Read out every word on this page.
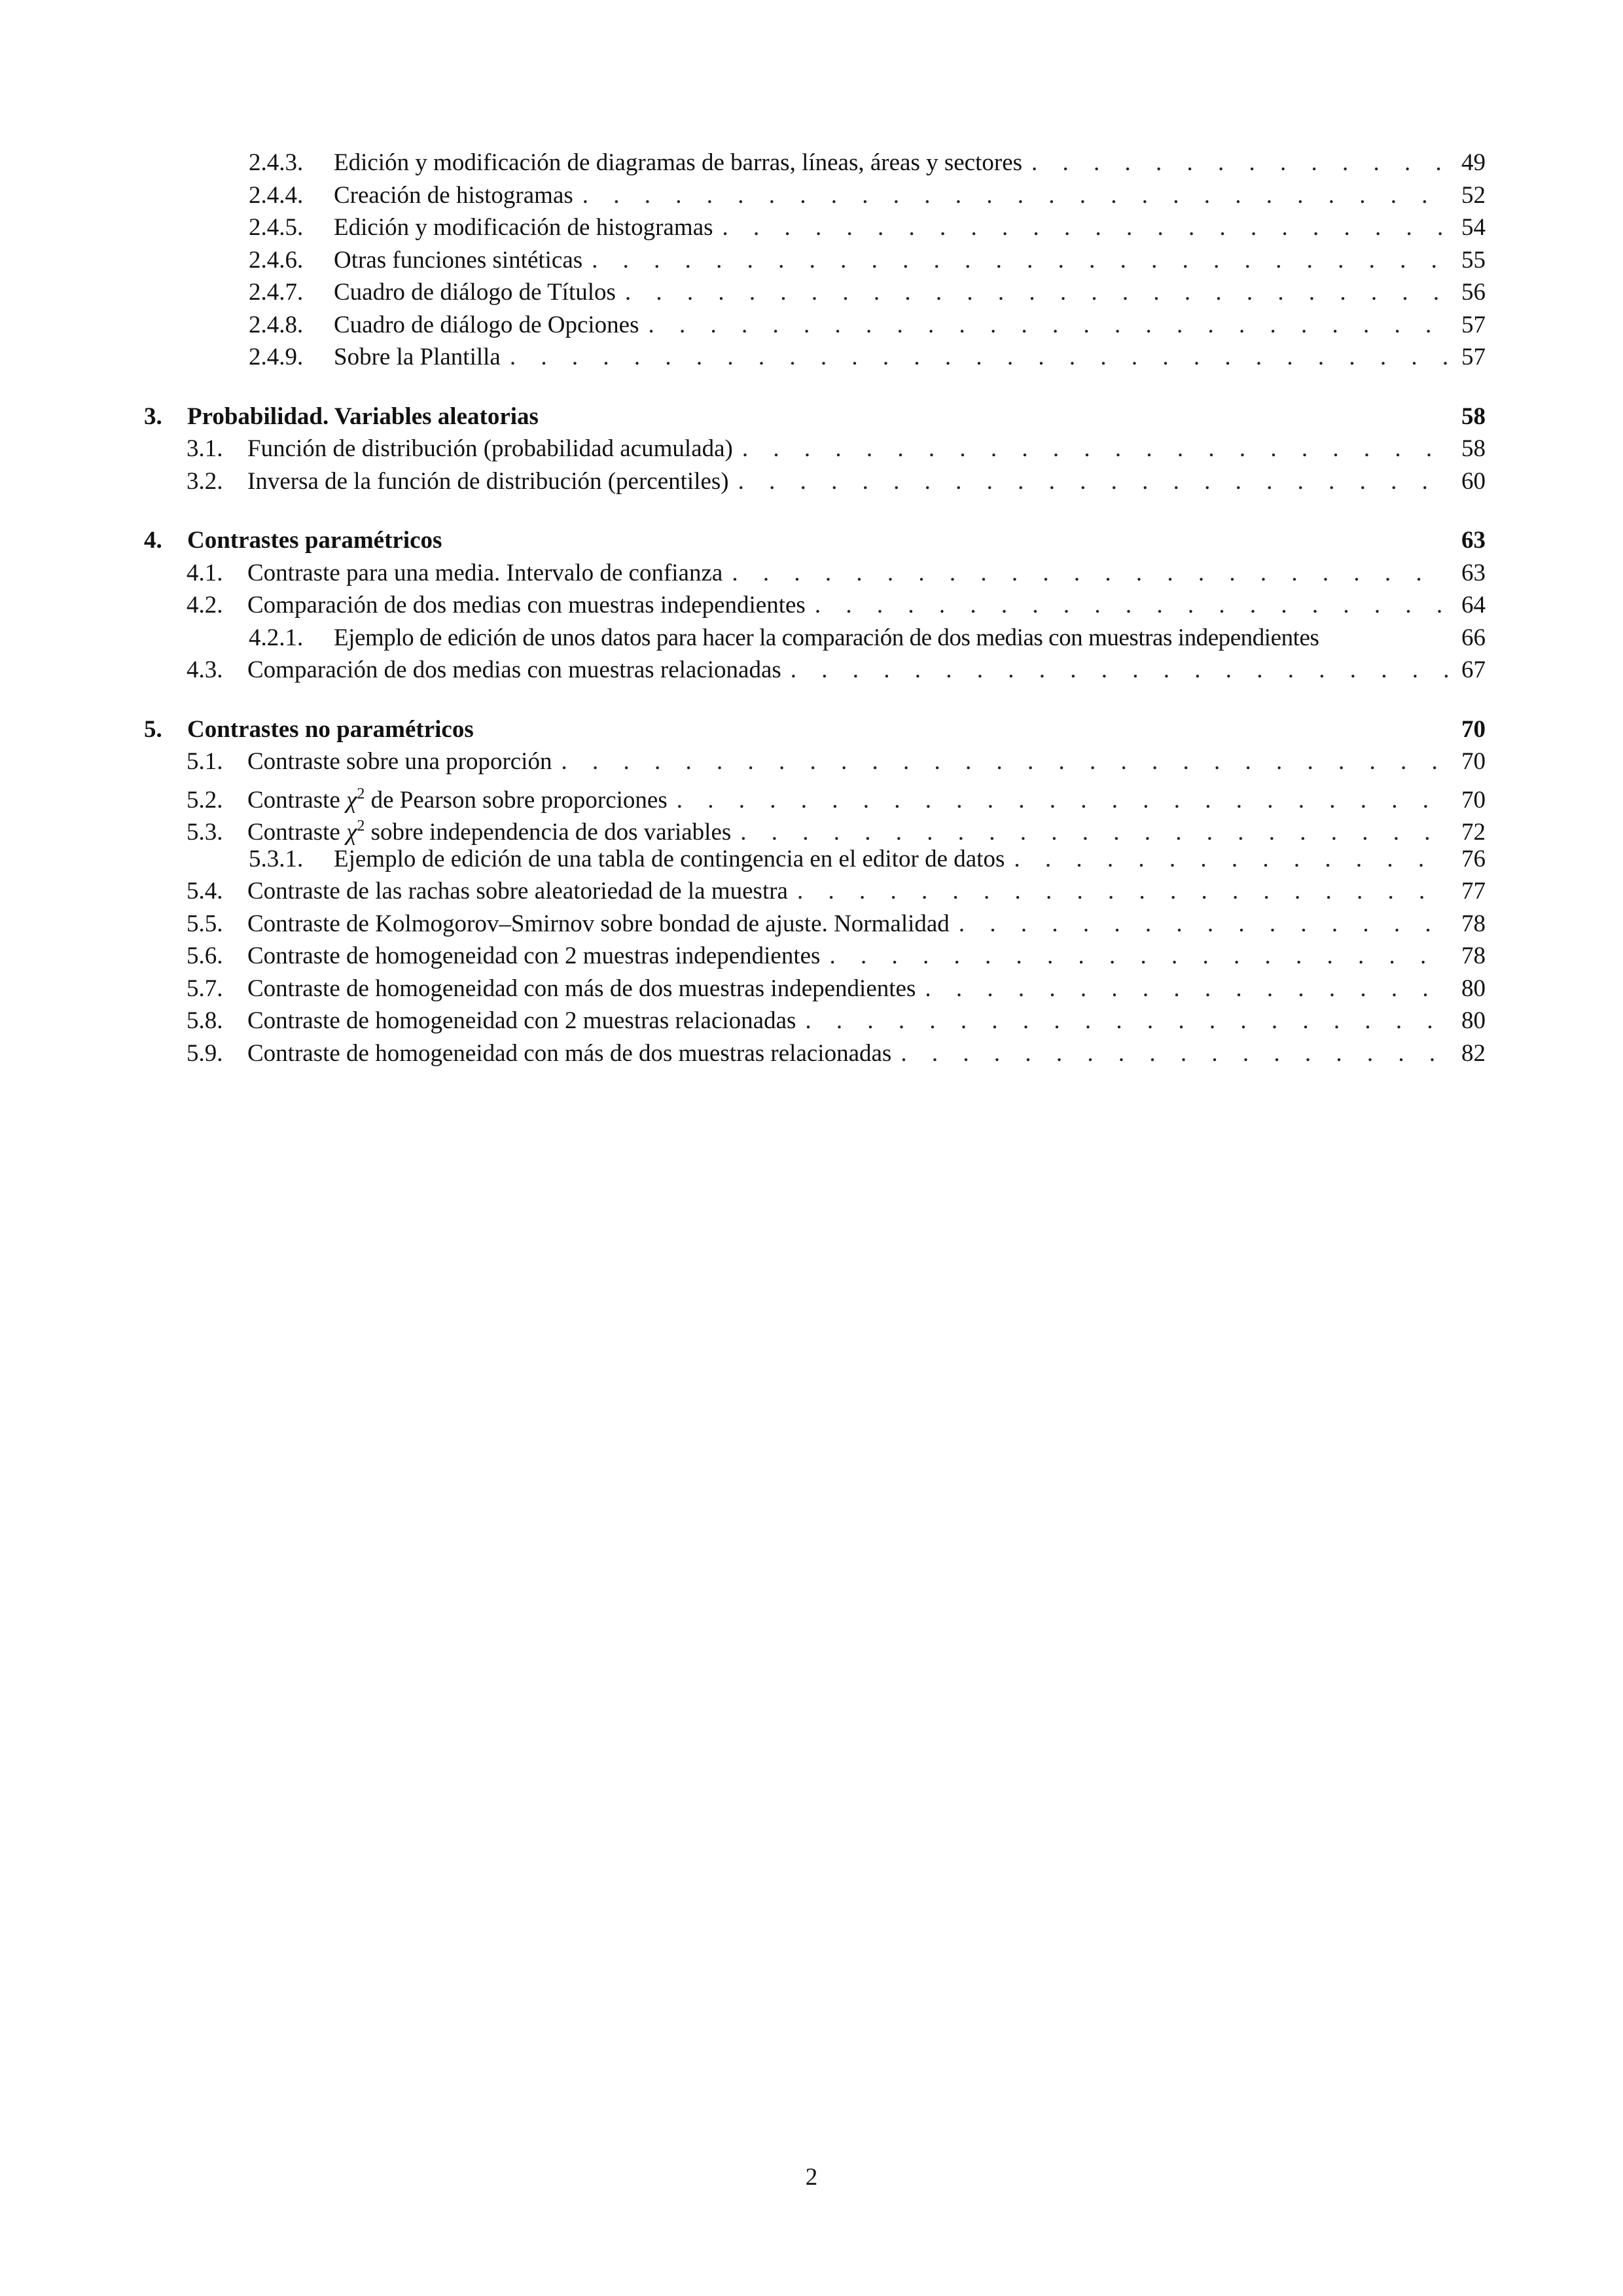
2.4.3.	Edición y modificación de diagramas de barras, líneas, áreas y sectores . . .	49
2.4.4.	Creación de histogramas . . .	52
2.4.5.	Edición y modificación de histogramas . . .	54
2.4.6.	Otras funciones sintéticas . . .	55
2.4.7.	Cuadro de diálogo de Títulos . . .	56
2.4.8.	Cuadro de diálogo de Opciones . . .	57
2.4.9.	Sobre la Plantilla . . .	57
3.	Probabilidad. Variables aleatorias	58
3.1.	Función de distribución (probabilidad acumulada) . . .	58
3.2.	Inversa de la función de distribución (percentiles) . . .	60
4.	Contrastes paramétricos	63
4.1.	Contraste para una media. Intervalo de confianza . . .	63
4.2.	Comparación de dos medias con muestras independientes . . .	64
4.2.1.	Ejemplo de edición de unos datos para hacer la comparación de dos medias con muestras independientes	66
4.3.	Comparación de dos medias con muestras relacionadas . . .	67
5.	Contrastes no paramétricos	70
5.1.	Contraste sobre una proporción . . .	70
5.2.	Contraste $\chi^2$ de Pearson sobre proporciones . . .	70
5.3.	Contraste $\chi^2$ sobre independencia de dos variables . . .	72
5.3.1.	Ejemplo de edición de una tabla de contingencia en el editor de datos . . .	76
5.4.	Contraste de las rachas sobre aleatoriedad de la muestra . . .	77
5.5.	Contraste de Kolmogorov–Smirnov sobre bondad de ajuste. Normalidad . . .	78
5.6.	Contraste de homogeneidad con 2 muestras independientes . . .	78
5.7.	Contraste de homogeneidad con más de dos muestras independientes . . .	80
5.8.	Contraste de homogeneidad con 2 muestras relacionadas . . .	80
5.9.	Contraste de homogeneidad con más de dos muestras relacionadas . . .	82
2
